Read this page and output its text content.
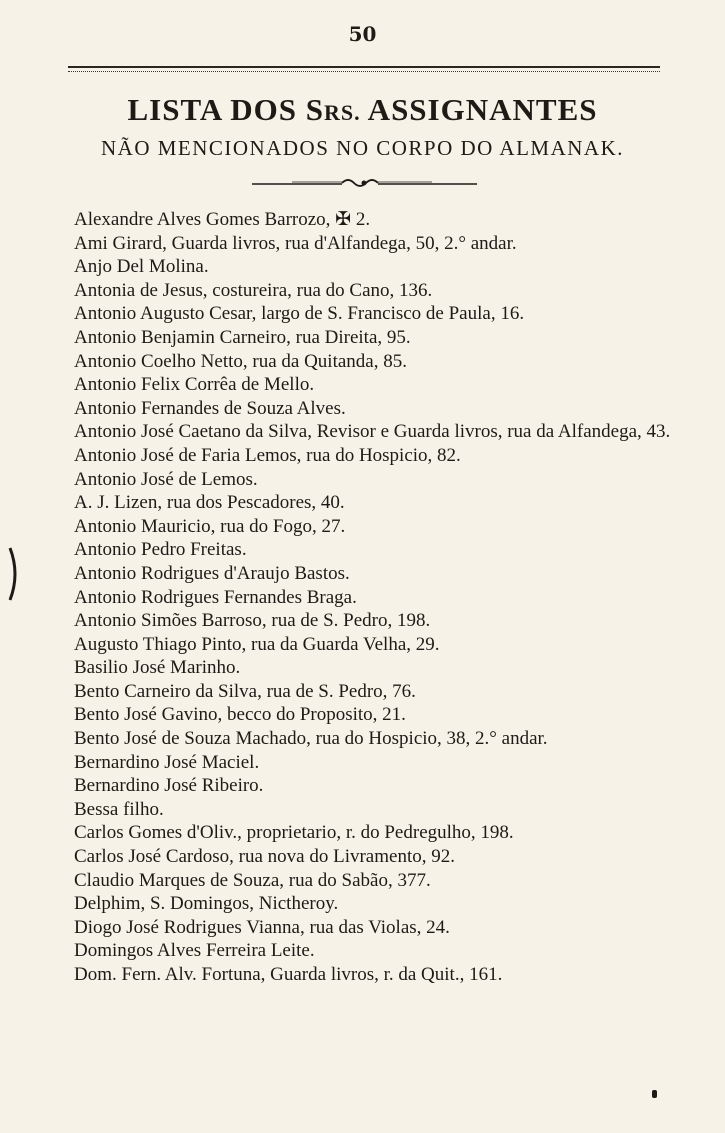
50
LISTA DOS SRS. ASSIGNANTES
NÃO MENCIONADOS NO CORPO DO ALMANAK.
Alexandre Alves Gomes Barrozo, ✠ 2.
Ami Girard, Guarda livros, rua d'Alfandega, 50, 2.° andar.
Anjo Del Molina.
Antonia de Jesus, costureira, rua do Cano, 136.
Antonio Augusto Cesar, largo de S. Francisco de Paula, 16.
Antonio Benjamin Carneiro, rua Direita, 95.
Antonio Coelho Netto, rua da Quitanda, 85.
Antonio Felix Corrêa de Mello.
Antonio Fernandes de Souza Alves.
Antonio José Caetano da Silva, Revisor e Guarda livros, rua da Alfandega, 43.
Antonio José de Faria Lemos, rua do Hospicio, 82.
Antonio José de Lemos.
A. J. Lizen, rua dos Pescadores, 40.
Antonio Mauricio, rua do Fogo, 27.
Antonio Pedro Freitas.
Antonio Rodrigues d'Araujo Bastos.
Antonio Rodrigues Fernandes Braga.
Antonio Simões Barroso, rua de S. Pedro, 198.
Augusto Thiago Pinto, rua da Guarda Velha, 29.
Basilio José Marinho.
Bento Carneiro da Silva, rua de S. Pedro, 76.
Bento José Gavino, becco do Proposito, 21.
Bento José de Souza Machado, rua do Hospicio, 38, 2.° andar.
Bernardino José Maciel.
Bernardino José Ribeiro.
Bessa filho.
Carlos Gomes d'Oliv., proprietario, r. do Pedregulho, 198.
Carlos José Cardoso, rua nova do Livramento, 92.
Claudio Marques de Souza, rua do Sabão, 377.
Delphim, S. Domingos, Nictheroy.
Diogo José Rodrigues Vianna, rua das Violas, 24.
Domingos Alves Ferreira Leite.
Dom. Fern. Alv. Fortuna, Guarda livros, r. da Quit., 161.
